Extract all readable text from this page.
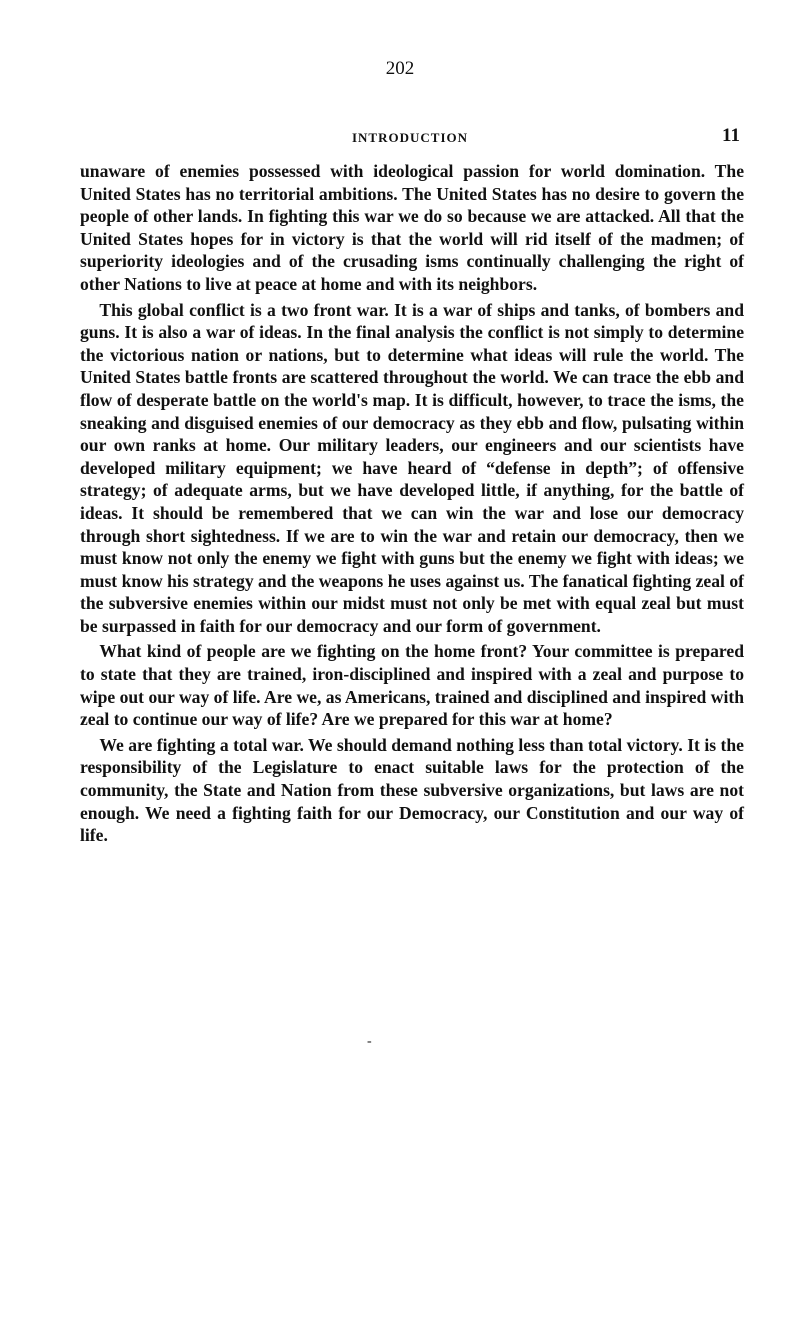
202
INTRODUCTION	11

unaware of enemies possessed with ideological passion for world domination. The United States has no territorial ambitions. The United States has no desire to govern the people of other lands. In fighting this war we do so because we are attacked. All that the United States hopes for in victory is that the world will rid itself of the madmen; of superiority ideologies and of the crusading isms continually challenging the right of other Nations to live at peace at home and with its neighbors.

This global conflict is a two front war. It is a war of ships and tanks, of bombers and guns. It is also a war of ideas. In the final analysis the conflict is not simply to determine the victorious nation or nations, but to determine what ideas will rule the world. The United States battle fronts are scattered throughout the world. We can trace the ebb and flow of desperate battle on the world's map. It is difficult, however, to trace the isms, the sneaking and disguised enemies of our democracy as they ebb and flow, pulsating within our own ranks at home. Our military leaders, our engineers and our scientists have developed military equipment; we have heard of “defense in depth”; of offensive strategy; of adequate arms, but we have developed little, if anything, for the battle of ideas. It should be remembered that we can win the war and lose our democracy through short sightedness. If we are to win the war and retain our democracy, then we must know not only the enemy we fight with guns but the enemy we fight with ideas; we must know his strategy and the weapons he uses against us. The fanatical fighting zeal of the subversive enemies within our midst must not only be met with equal zeal but must be surpassed in faith for our democracy and our form of government.

What kind of people are we fighting on the home front? Your committee is prepared to state that they are trained, iron-disciplined and inspired with a zeal and purpose to wipe out our way of life. Are we, as Americans, trained and disciplined and inspired with zeal to continue our way of life? Are we prepared for this war at home?

We are fighting a total war. We should demand nothing less than total victory. It is the responsibility of the Legislature to enact suitable laws for the protection of the community, the State and Nation from these subversive organizations, but laws are not enough. We need a fighting faith for our Democracy, our Constitution and our way of life.

-
